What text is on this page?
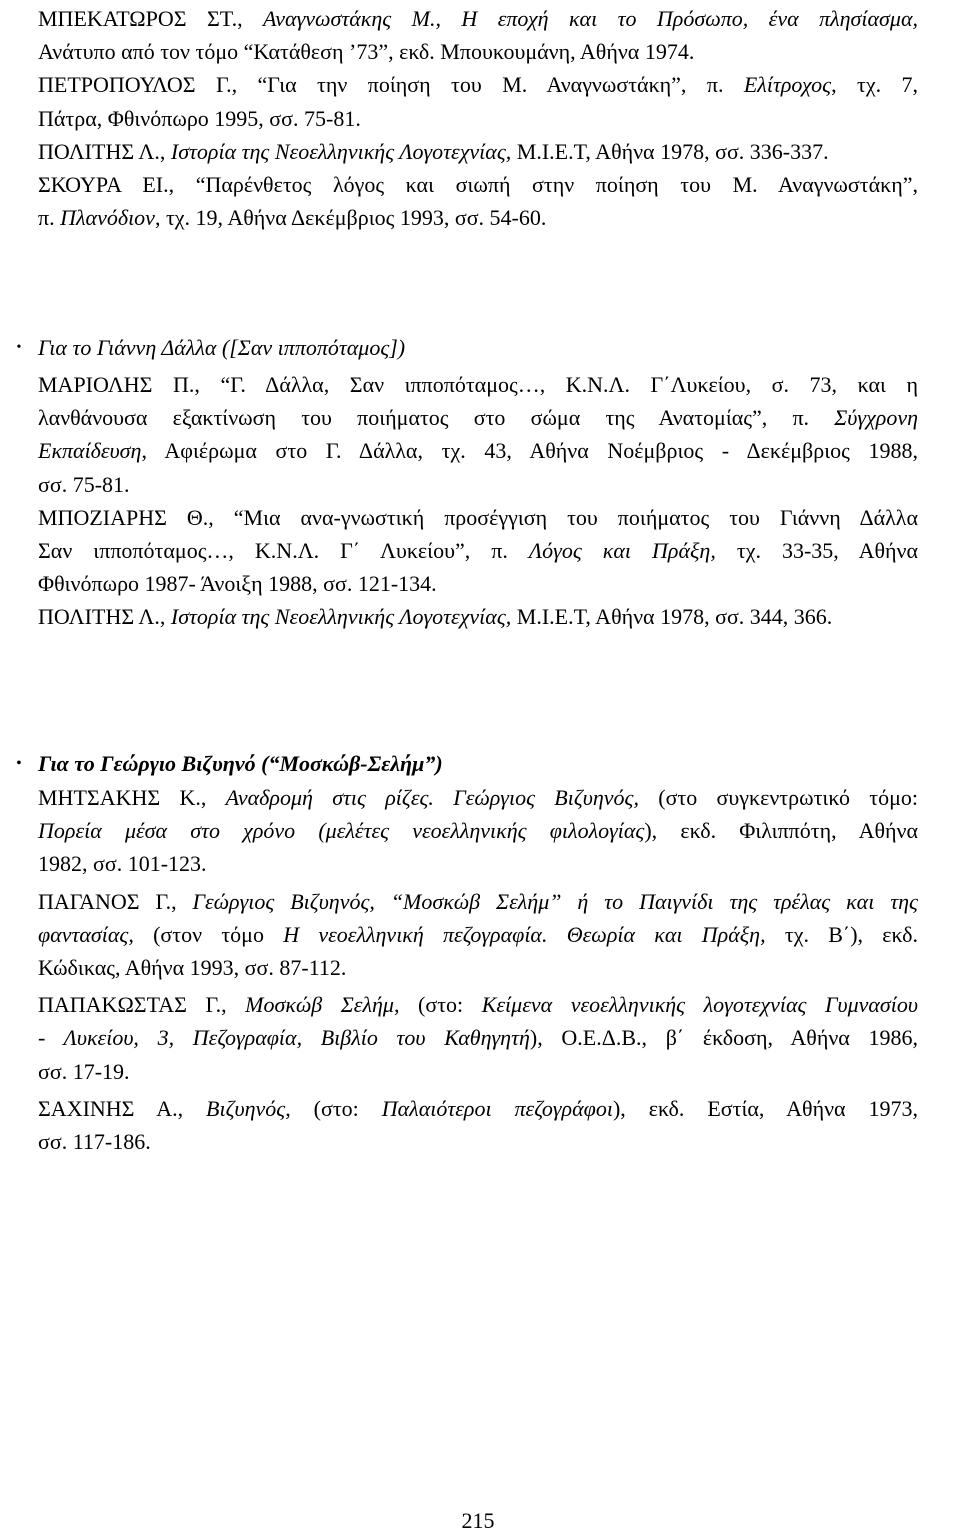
ΜΠΕΚΑΤΩΡΟΣ ΣΤ., Αναγνωστάκης Μ., Η εποχή και το Πρόσωπο, ένα πλησίασμα,
Ανάτυπο από τον τόμο “Κατάθεση ’73”, εκδ. Μπουκουμάνη, Αθήνα 1974.

ΠΕΤΡΟΠΟΥΛΟΣ Γ., “Για την ποίηση του Μ. Αναγνωστάκη”, π. Ελίτροχος, τχ. 7,
Πάτρα, Φθινόπωρο 1995, σσ. 75-81.

ΠΟΛΙΤΗΣ Λ., Ιστορία της Νεοελληνικής Λογοτεχνίας, Μ.Ι.Ε.Τ, Αθήνα 1978, σσ. 336-337.

ΣΚΟΥΡΑ ΕΙ., “Παρένθετος λόγος και σιωπή στην ποίηση του Μ. Αναγνωστάκη”,
π. Πλανόδιον, τχ. 19, Αθήνα Δεκέμβριος 1993, σσ. 54-60.

• Για το Γιάννη Δάλλα ([Σαν ιπποπόταμος])

ΜΑΡΙΟΛΗΣ Π., “Γ. Δάλλα, Σαν ιπποπόταμος…, Κ.Ν.Λ. Γ΄Λυκείου, σ. 73, και η
λανθάνουσα εξακτίνωση του ποιήματος στο σώμα της Ανατομίας”, π. Σύγχρονη
Εκπαίδευση, Αφιέρωμα στο Γ. Δάλλα, τχ. 43, Αθήνα Νοέμβριος - Δεκέμβριος 1988,
σσ. 75-81.

ΜΠΟΖΙΑΡΗΣ Θ., “Μια ανα-γνωστική προσέγγιση του ποιήματος του Γιάννη Δάλλα
Σαν ιπποπόταμος…, Κ.Ν.Λ. Γ΄ Λυκείου”, π. Λόγος και Πράξη, τχ. 33-35, Αθήνα
Φθινόπωρο 1987- Άνοιξη 1988, σσ. 121-134.

ΠΟΛΙΤΗΣ Λ., Ιστορία της Νεοελληνικής Λογοτεχνίας, Μ.Ι.Ε.Τ, Αθήνα 1978, σσ. 344, 366.

• Για το Γεώργιο Βιζυηνό (“Μοσκώβ-Σελήμ”)

ΜΗΤΣΑΚΗΣ Κ., Αναδρομή στις ρίζες. Γεώργιος Βιζυηνός, (στο συγκεντρωτικό τόμο:
Πορεία μέσα στο χρόνο (μελέτες νεοελληνικής φιλολογίας), εκδ. Φιλιππότη, Αθήνα
1982, σσ. 101-123.

ΠΑΓΑΝΟΣ Γ., Γεώργιος Βιζυηνός, “Μοσκώβ Σελήμ” ή το Παιγνίδι της τρέλας και της
φαντασίας, (στον τόμο Η νεοελληνική πεζογραφία. Θεωρία και Πράξη, τχ. Β΄), εκδ.
Κώδικας, Αθήνα 1993, σσ. 87-112.

ΠΑΠΑΚΩΣΤΑΣ Γ., Μοσκώβ Σελήμ, (στο: Κείμενα νεοελληνικής λογοτεχνίας Γυμνασίου
- Λυκείου, 3, Πεζογραφία, Βιβλίο του Καθηγητή), Ο.Ε.Δ.Β., β΄ έκδοση, Αθήνα 1986,
σσ. 17-19.

ΣΑΧΙΝΗΣ Α., Βιζυηνός, (στο: Παλαιότεροι πεζογράφοι), εκδ. Εστία, Αθήνα 1973,
σσ. 117-186.

215
